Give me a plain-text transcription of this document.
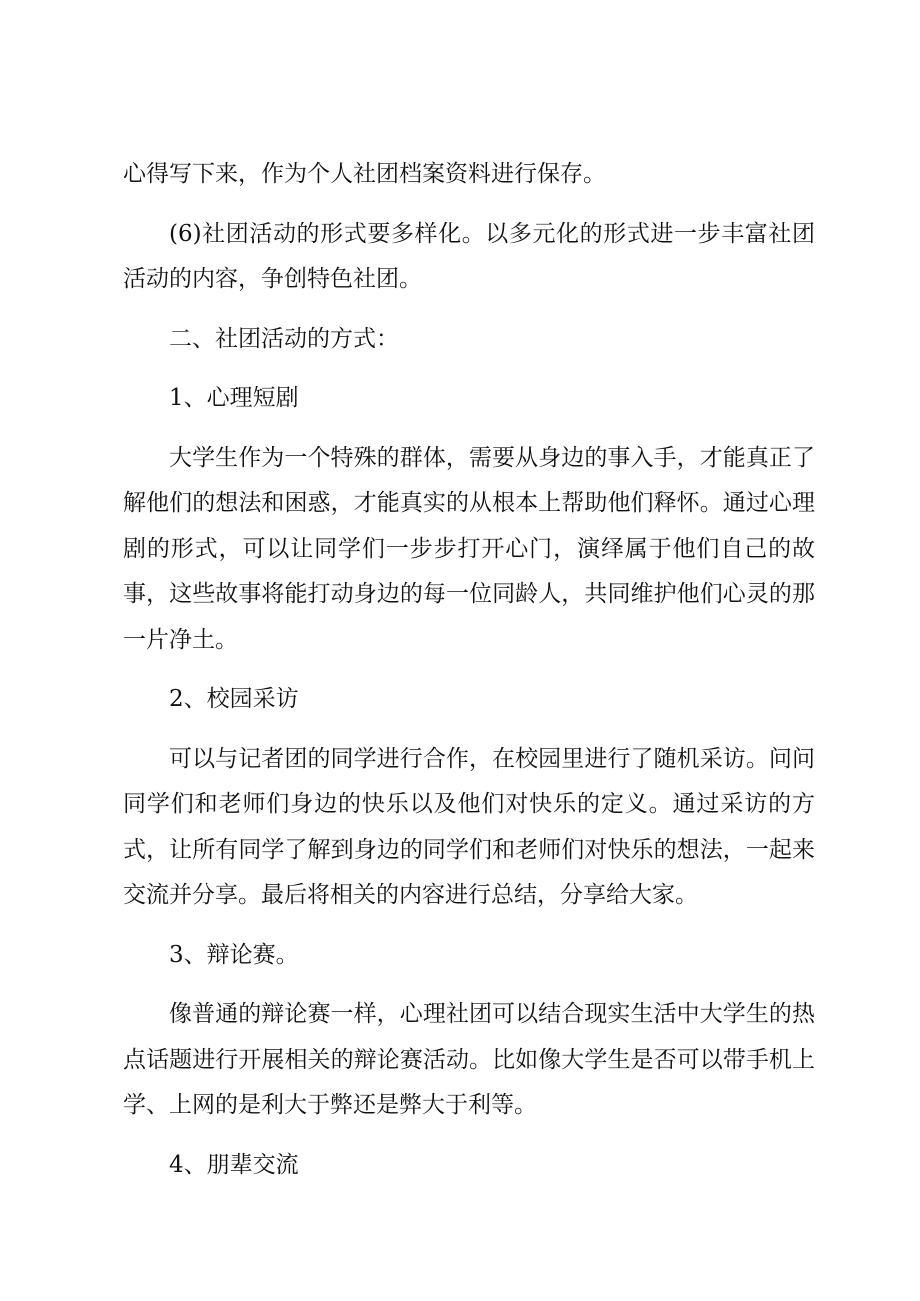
心得写下来，作为个人社团档案资料进行保存。

(6)社团活动的形式要多样化。以多元化的形式进一步丰富社团活动的内容，争创特色社团。

二、社团活动的方式：

1、心理短剧

大学生作为一个特殊的群体，需要从身边的事入手，才能真正了解他们的想法和困惑，才能真实的从根本上帮助他们释怀。通过心理剧的形式，可以让同学们一步步打开心门，演绎属于他们自己的故事，这些故事将能打动身边的每一位同龄人，共同维护他们心灵的那一片净土。

2、校园采访

可以与记者团的同学进行合作，在校园里进行了随机采访。问问同学们和老师们身边的快乐以及他们对快乐的定义。通过采访的方式，让所有同学了解到身边的同学们和老师们对快乐的想法，一起来交流并分享。最后将相关的内容进行总结，分享给大家。

3、辩论赛。

像普通的辩论赛一样，心理社团可以结合现实生活中大学生的热点话题进行开展相关的辩论赛活动。比如像大学生是否可以带手机上学、上网的是利大于弊还是弊大于利等。

4、朋辈交流
